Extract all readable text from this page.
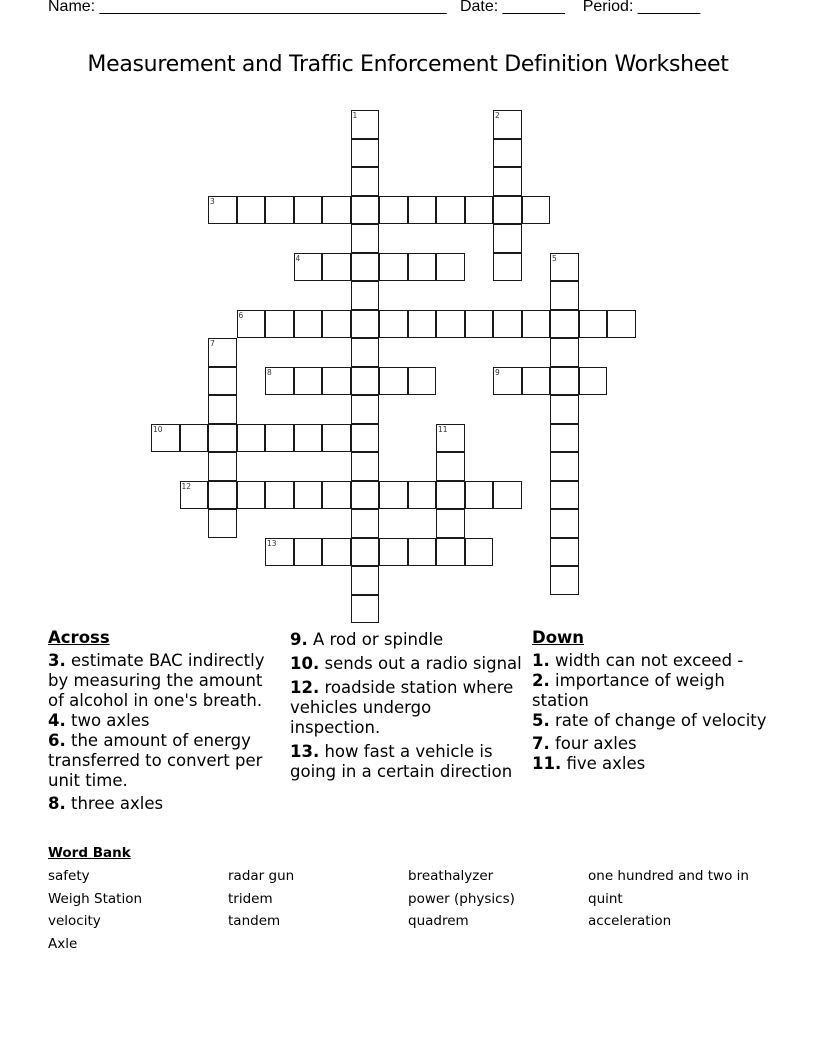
Name: _______________________________________   Date: _______    Period: _______
Measurement and Traffic Enforcement Definition Worksheet
1	2
3
4	5
6
7
8	9
10	11
12
13
Across
3. estimate BAC indirectly by measuring the amount of alcohol in one's breath.
4. two axles
6. the amount of energy transferred to convert per unit time.
8. three axles
9. A rod or spindle
10. sends out a radio signal
12. roadside station where vehicles undergo inspection.
13. how fast a vehicle is going in a certain direction
Down
1. width can not exceed -
2. importance of weigh station
5. rate of change of velocity
7. four axles
11. five axles
Word Bank
safety	radar gun	breathalyzer	one hundred and two in
Weigh Station	tridem	power (physics)	quint
velocity	tandem	quadrem	acceleration
Axle
